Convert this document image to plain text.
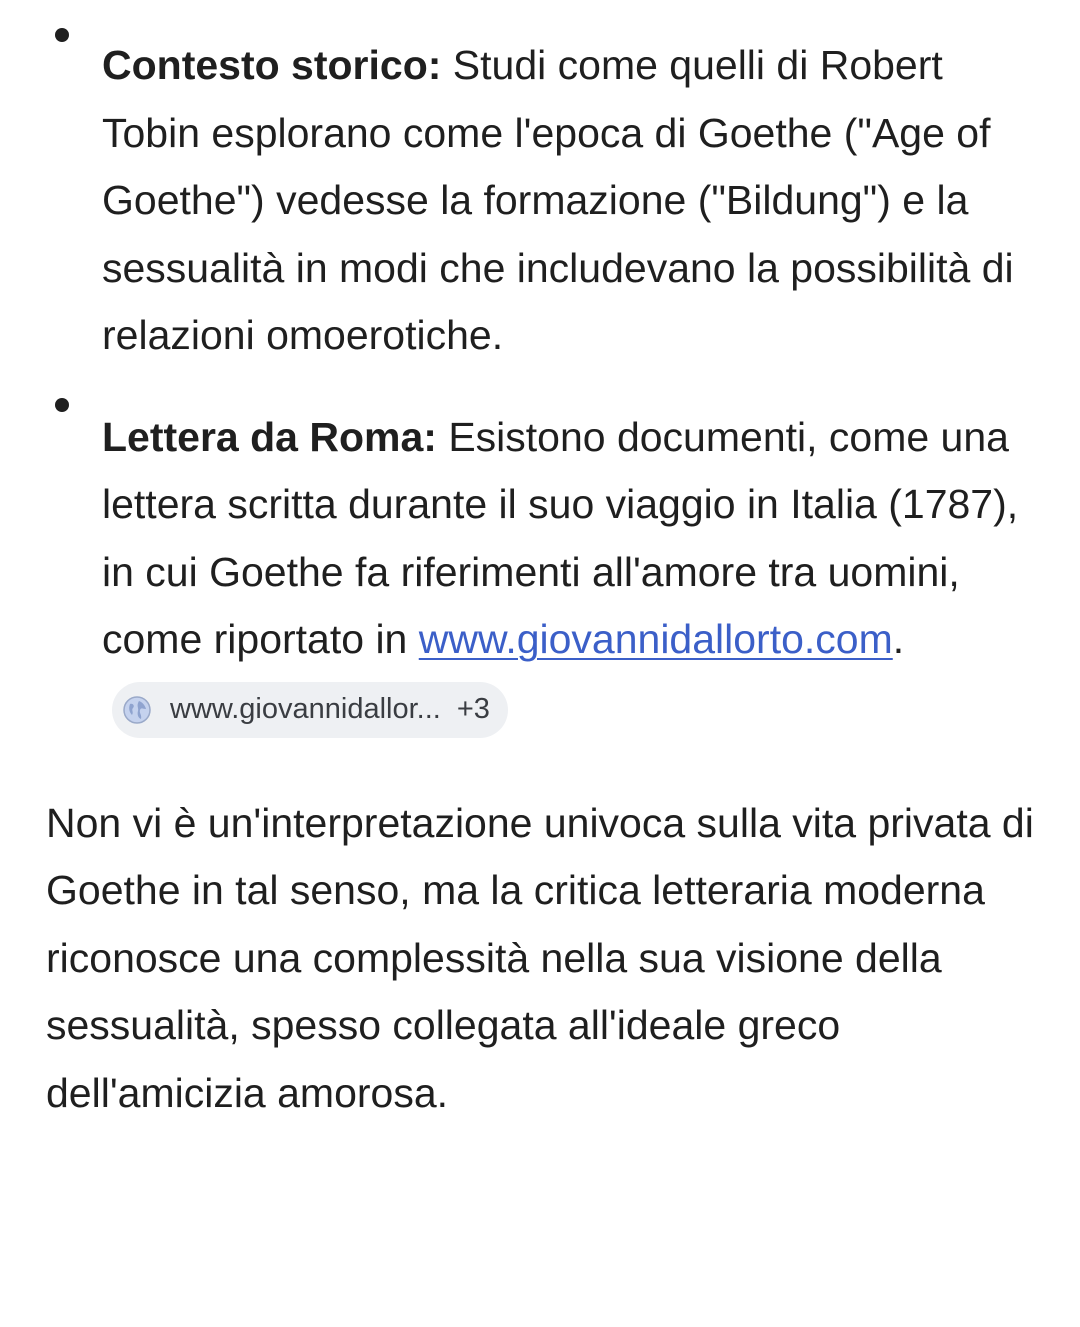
Contesto storico: Studi come quelli di Robert Tobin esplorano come l'epoca di Goethe ("Age of Goethe") vedesse la formazione ("Bildung") e la sessualità in modi che includevano la possibilità di relazioni omoerotiche.
Lettera da Roma: Esistono documenti, come una lettera scritta durante il suo viaggio in Italia (1787), in cui Goethe fa riferimenti all'amore tra uomini, come riportato in www.giovannidallorto.com.
www.giovannidallor... +3

Non vi è un'interpretazione univoca sulla vita privata di Goethe in tal senso, ma la critica letteraria moderna riconosce una complessità nella sua visione della sessualità, spesso collegata all'ideale greco dell'amicizia amorosa.
